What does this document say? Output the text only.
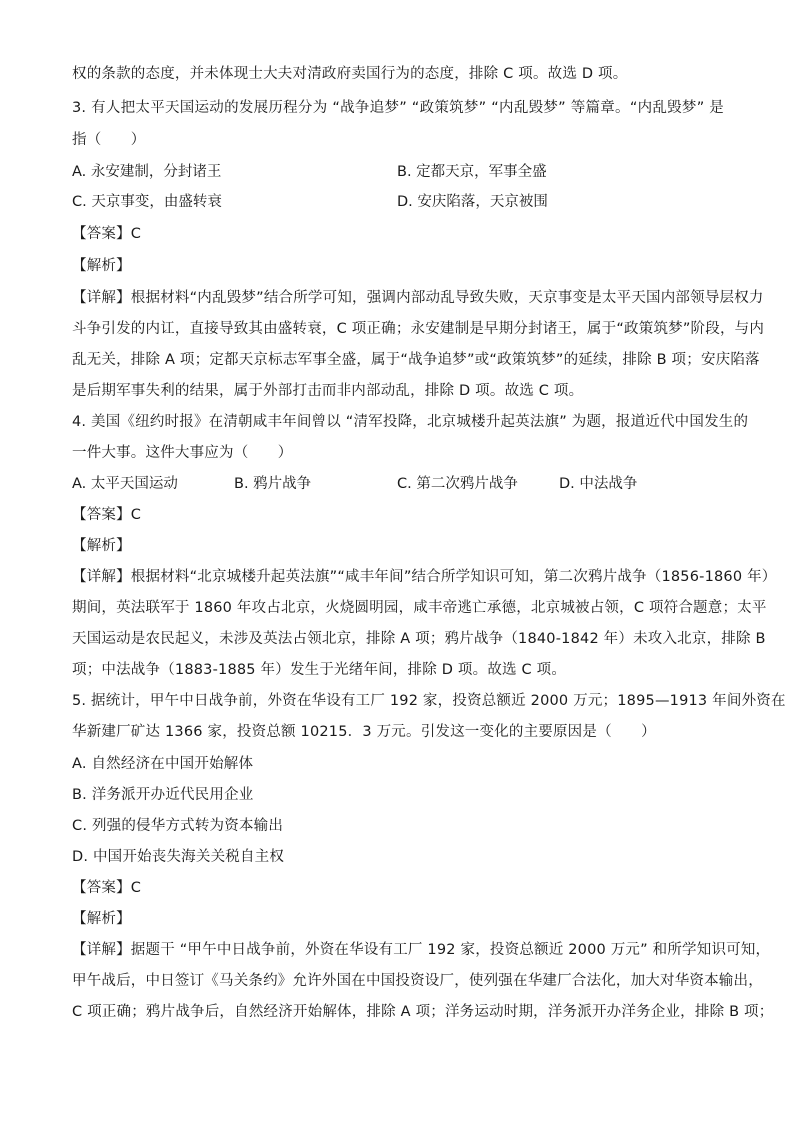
权的条款的态度，并未体现士大夫对清政府卖国行为的态度，排除 C 项。故选 D 项。
3. 有人把太平天国运动的发展历程分为 “战争追梦” “政策筑梦” “内乱毁梦” 等篇章。“内乱毁梦” 是
指（　　）
A. 永安建制，分封诸王	B. 定都天京，军事全盛
C. 天京事变，由盛转衰	D. 安庆陷落，天京被围
【答案】C
【解析】
【详解】根据材料“内乱毁梦”结合所学可知，强调内部动乱导致失败，天京事变是太平天国内部领导层权力
斗争引发的内讧，直接导致其由盛转衰，C 项正确；永安建制是早期分封诸王，属于“政策筑梦”阶段，与内
乱无关，排除 A 项；定都天京标志军事全盛，属于“战争追梦”或“政策筑梦”的延续，排除 B 项；安庆陷落
是后期军事失利的结果，属于外部打击而非内部动乱，排除 D 项。故选 C 项。
4. 美国《纽约时报》在清朝咸丰年间曾以 “清军投降，北京城楼升起英法旗” 为题，报道近代中国发生的
一件大事。这件大事应为（　　）
A. 太平天国运动	B. 鸦片战争	C. 第二次鸦片战争	D. 中法战争
【答案】C
【解析】
【详解】根据材料“北京城楼升起英法旗”“咸丰年间”结合所学知识可知，第二次鸦片战争（1856-1860 年）
期间，英法联军于 1860 年攻占北京，火烧圆明园，咸丰帝逃亡承德，北京城被占领，C 项符合题意；太平
天国运动是农民起义，未涉及英法占领北京，排除 A 项；鸦片战争（1840-1842 年）未攻入北京，排除 B
项；中法战争（1883-1885 年）发生于光绪年间，排除 D 项。故选 C 项。
5. 据统计，甲午中日战争前，外资在华设有工厂 192 家，投资总额近 2000 万元；1895—1913 年间外资在
华新建厂矿达 1366 家，投资总额 10215．3 万元。引发这一变化的主要原因是（　　）
A. 自然经济在中国开始解体
B. 洋务派开办近代民用企业
C. 列强的侵华方式转为资本输出
D. 中国开始丧失海关关税自主权
【答案】C
【解析】
【详解】据题干 “甲午中日战争前，外资在华设有工厂 192 家，投资总额近 2000 万元” 和所学知识可知，
甲午战后，中日签订《马关条约》允许外国在中国投资设厂，使列强在华建厂合法化，加大对华资本输出，
C 项正确；鸦片战争后，自然经济开始解体，排除 A 项；洋务运动时期，洋务派开办洋务企业，排除 B 项；
